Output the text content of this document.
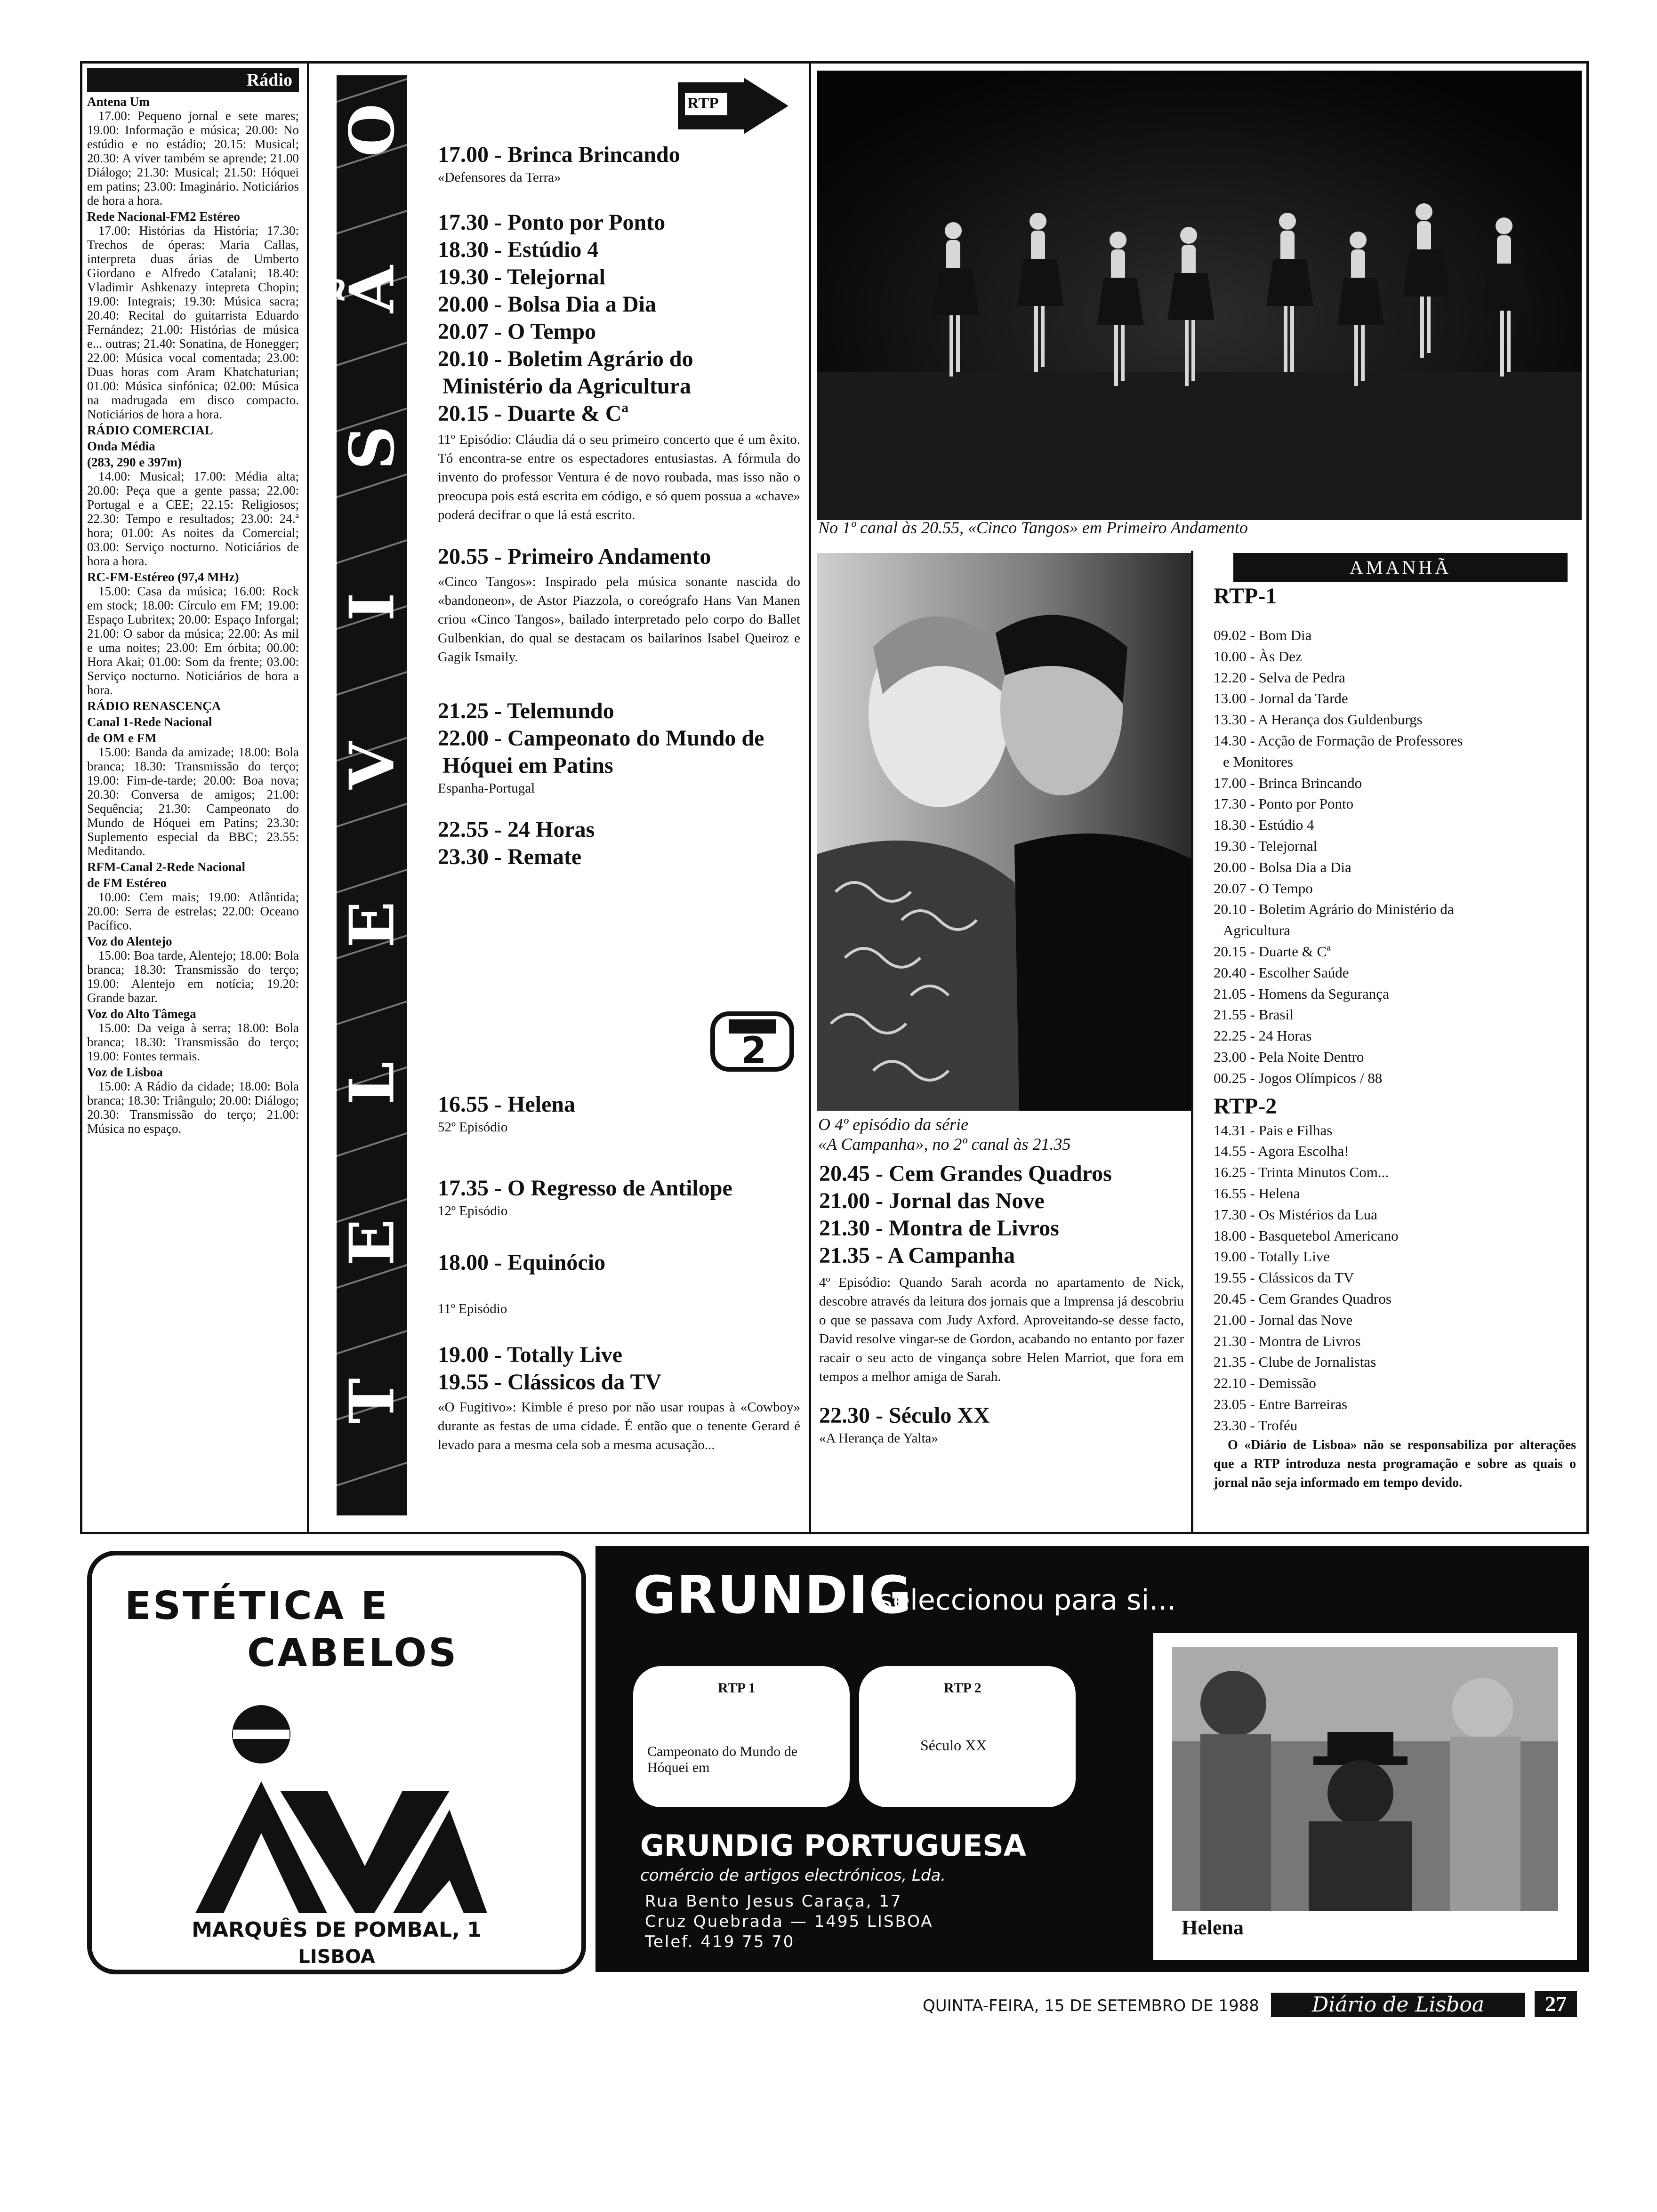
Rádio
Antena Um
17.00: Pequeno jornal e sete mares; 19.00: Informação e música; 20.00: No estúdio e no estádio; 20.15: Musical; 20.30: A viver também se aprende; 21.00 Diálogo; 21.30: Musical; 21.50: Hóquei em patins; 23.00: Imaginário. Noticiários de hora a hora.
Rede Nacional-FM2 Estéreo
17.00: Histórias da História; 17.30: Trechos de óperas: Maria Callas, interpreta duas árias de Umberto Giordano e Alfredo Catalani; 18.40: Vladimir Ashkenazy intepreta Chopin; 19.00: Integrais; 19.30: Música sacra; 20.40: Recital do guitarrista Eduardo Fernández; 21.00: Histórias de música e... outras; 21.40: Sonatina, de Honegger; 22.00: Música vocal comentada; 23.00: Duas horas com Aram Khatchaturian; 01.00: Música sinfónica; 02.00: Música na madrugada em disco compacto. Noticiários de hora a hora.
RÁDIO COMERCIAL
Onda Média
(283, 290 e 397m)
14.00: Musical; 17.00: Média alta; 20.00: Peça que a gente passa; 22.00: Portugal e a CEE; 22.15: Religiosos; 22.30: Tempo e resultados; 23.00: 24.ª hora; 01.00: As noites da Comercial; 03.00: Serviço nocturno. Noticiários de hora a hora.
RC-FM-Estéreo (97,4 MHz)
15.00: Casa da música; 16.00: Rock em stock; 18.00: Círculo em FM; 19.00: Espaço Lubritex; 20.00: Espaço Inforgal; 21.00: O sabor da música; 22.00: As mil e uma noites; 23.00: Em órbita; 00.00: Hora Akai; 01.00: Som da frente; 03.00: Serviço nocturno. Noticiários de hora a hora.
RÁDIO RENASCENÇA
Canal 1-Rede Nacional
de OM e FM
15.00: Banda da amizade; 18.00: Bola branca; 18.30: Transmissão do terço; 19.00: Fim-de-tarde; 20.00: Boa nova; 20.30: Conversa de amigos; 21.00: Sequência; 21.30: Campeonato do Mundo de Hóquei em Patins; 23.30: Suplemento especial da BBC; 23.55: Meditando.
RFM-Canal 2-Rede Nacional
de FM Estéreo
10.00: Cem mais; 19.00: Atlântida; 20.00: Serra de estrelas; 22.00: Oceano Pacífico.
Voz do Alentejo
15.00: Boa tarde, Alentejo; 18.00: Bola branca; 18.30: Transmissão do terço; 19.00: Alentejo em notícia; 19.20: Grande bazar.
Voz do Alto Tâmega
15.00: Da veiga à serra; 18.00: Bola branca; 18.30: Transmissão do terço; 19.00: Fontes termais.
Voz de Lisboa
15.00: A Rádio da cidade; 18.00: Bola branca; 18.30: Triângulo; 20.00: Diálogo; 20.30: Transmissão do terço; 21.00: Música no espaço.
T
E
L
E
V
I
S
Ã
O
RTP
17.00 - Brinca Brincando
«Defensores da Terra»
17.30 - Ponto por Ponto
18.30 - Estúdio 4
19.30 - Telejornal
20.00 - Bolsa Dia a Dia
20.07 - O Tempo
20.10 - Boletim Agrário do
Ministério da Agricultura
20.15 - Duarte & Cª
11º Episódio: Cláudia dá o seu primeiro concerto que é um êxito. Tó encontra-se entre os espectadores entusiastas. A fórmula do invento do professor Ventura é de novo roubada, mas isso não o preocupa pois está escrita em código, e só quem possua a «chave» poderá decifrar o que lá está escrito.
20.55 - Primeiro Andamento
«Cinco Tangos»: Inspirado pela música sonante nascida do «bandoneon», de Astor Piazzola, o coreógrafo Hans Van Manen criou «Cinco Tangos», bailado interpretado pelo corpo do Ballet Gulbenkian, do qual se destacam os bailarinos Isabel Queiroz e Gagik Ismaily.
21.25 - Telemundo
22.00 - Campeonato do Mundo de
Hóquei em Patins
Espanha-Portugal
22.55 - 24 Horas
23.30 - Remate
2
16.55 - Helena
52º Episódio
17.35 - O Regresso de Antilope
12º Episódio
18.00 - Equinócio
11º Episódio
19.00 - Totally Live
19.55 - Clássicos da TV
«O Fugitivo»: Kimble é preso por não usar roupas à «Cowboy» durante as festas de uma cidade. É então que o tenente Gerard é levado para a mesma cela sob a mesma acusação...
No 1º canal às 20.55, «Cinco Tangos» em Primeiro Andamento
O 4º episódio da série
«A Campanha», no 2º canal às 21.35
20.45 - Cem Grandes Quadros
21.00 - Jornal das Nove
21.30 - Montra de Livros
21.35 - A Campanha
4º Episódio: Quando Sarah acorda no apartamento de Nick, descobre através da leitura dos jornais que a Imprensa já descobriu o que se passava com Judy Axford. Aproveitando-se desse facto, David resolve vingar-se de Gordon, acabando no entanto por fazer racair o seu acto de vingança sobre Helen Marriot, que fora em tempos a melhor amiga de Sarah.
22.30 - Século XX
«A Herança de Yalta»
AMANHÃ
RTP-1
09.02 - Bom Dia
10.00 - Às Dez
12.20 - Selva de Pedra
13.00 - Jornal da Tarde
13.30 - A Herança dos Guldenburgs
14.30 - Acção de Formação de Professores
e Monitores
17.00 - Brinca Brincando
17.30 - Ponto por Ponto
18.30 - Estúdio 4
19.30 - Telejornal
20.00 - Bolsa Dia a Dia
20.07 - O Tempo
20.10 - Boletim Agrário do Ministério da
Agricultura
20.15 - Duarte & Cª
20.40 - Escolher Saúde
21.05 - Homens da Segurança
21.55 - Brasil
22.25 - 24 Horas
23.00 - Pela Noite Dentro
00.25 - Jogos Olímpicos / 88
RTP-2
14.31 - Pais e Filhas
14.55 - Agora Escolha!
16.25 - Trinta Minutos Com...
16.55 - Helena
17.30 - Os Mistérios da Lua
18.00 - Basquetebol Americano
19.00 - Totally Live
19.55 - Clássicos da TV
20.45 - Cem Grandes Quadros
21.00 - Jornal das Nove
21.30 - Montra de Livros
21.35 - Clube de Jornalistas
22.10 - Demissão
23.05 - Entre Barreiras
23.30 - Troféu
O «Diário de Lisboa» não se responsabiliza por alterações que a RTP introduza nesta programação e sobre as quais o jornal não seja informado em tempo devido.
ESTÉTICA E
CABELOS
MARQUÊS DE POMBAL, 1
LISBOA
GRUNDIG
seleccionou para si...
RTP 1
Campeonato do Mundo de Hóquei em
RTP 2
Século XX
GRUNDIG PORTUGUESA
comércio de artigos electrónicos, Lda.
Rua Bento Jesus Caraça, 17
Cruz Quebrada — 1495 LISBOA
Telef. 419 75 70
Helena
QUINTA-FEIRA, 15 DE SETEMBRO DE 1988	Diário de Lisboa	27
